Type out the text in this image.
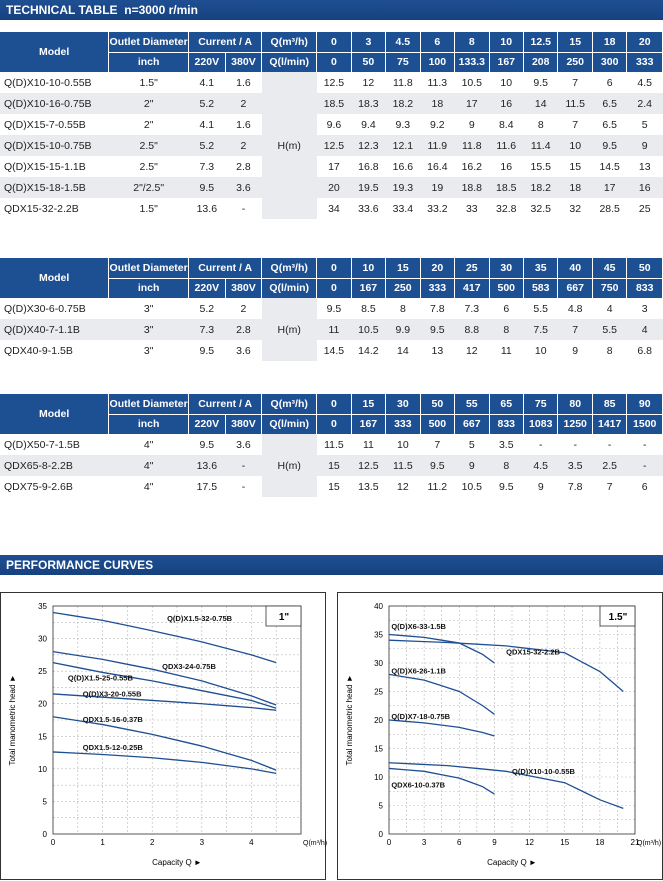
TECHNICAL TABLE n=3000 r/min
Model	Outlet Diameter	Current / A		Q(m³/h)	0	3	4.5	6	8	10	12.5	15	18	20
	inch	220V	380V	Q(l/min)	0	50	75	100	133.3	167	208	250	300	333
Q(D)X10-10-0.55B	1.5"	4.1	1.6	H(m)	12.5	12	11.8	11.3	10.5	10	9.5	7	6	4.5
Q(D)X10-16-0.75B	2"	5.2	2		18.5	18.3	18.2	18	17	16	14	11.5	6.5	2.4
Q(D)X15-7-0.55B	2"	4.1	1.6		9.6	9.4	9.3	9.2	9	8.4	8	7	6.5	5
Q(D)X15-10-0.75B	2.5"	5.2	2		12.5	12.3	12.1	11.9	11.8	11.6	11.4	10	9.5	9
Q(D)X15-15-1.1B	2.5"	7.3	2.8		17	16.8	16.6	16.4	16.2	16	15.5	15	14.5	13
Q(D)X15-18-1.5B	2"/2.5"	9.5	3.6		20	19.5	19.3	19	18.8	18.5	18.2	18	17	16
QDX15-32-2.2B	1.5"	13.6	-		34	33.6	33.4	33.2	33	32.8	32.5	32	28.5	25
Model	Outlet Diameter	Current / A		Q(m³/h)	0	10	15	20	25	30	35	40	45	50
	inch	220V	380V	Q(l/min)	0	167	250	333	417	500	583	667	750	833
Q(D)X30-6-0.75B	3"	5.2	2	H(m)	9.5	8.5	8	7.8	7.3	6	5.5	4.8	4	3
Q(D)X40-7-1.1B	3"	7.3	2.8		11	10.5	9.9	9.5	8.8	8	7.5	7	5.5	4
QDX40-9-1.5B	3"	9.5	3.6		14.5	14.2	14	13	12	11	10	9	8	6.8
Model	Outlet Diameter	Current / A		Q(m³/h)	0	15	30	50	55	65	75	80	85	90
	inch	220V	380V	Q(l/min)	0	167	333	500	667	833	1083	1250	1417	1500
Q(D)X50-7-1.5B	4"	9.5	3.6	H(m)	11.5	11	10	7	5	3.5	-	-	-	-
QDX65-8-2.2B	4"	13.6	-		15	12.5	11.5	9.5	9	8	4.5	3.5	2.5	-
QDX75-9-2.6B	4"	17.5	-		15	13.5	12	11.2	10.5	9.5	9	7.8	7	6
PERFORMANCE CURVES
0	1	2	3	4
0
5
10
15
20
25
30
35
Q(m³/h)
Capacity Q ►
Total manometric head ►
1"
Q(D)X1.5-32-0.75B
QDX3-24-0.75B
Q(D)X1.5-25-0.55B
Q(D)X3-20-0.55B
QDX1.5-16-0.37B
QDX1.5-12-0.25B
0	3	6	9	12	15	18	21
0
5
10
15
20
25
30
35
40
Q(m³/h)
Capacity Q ►
Total manometric head ►
1.5"
Q(D)X6-33-1.5B
QDX15-32-2.2B
Q(D)X6-26-1.1B
Q(D)X7-18-0.75B
Q(D)X10-10-0.55B
QDX6-10-0.37B
